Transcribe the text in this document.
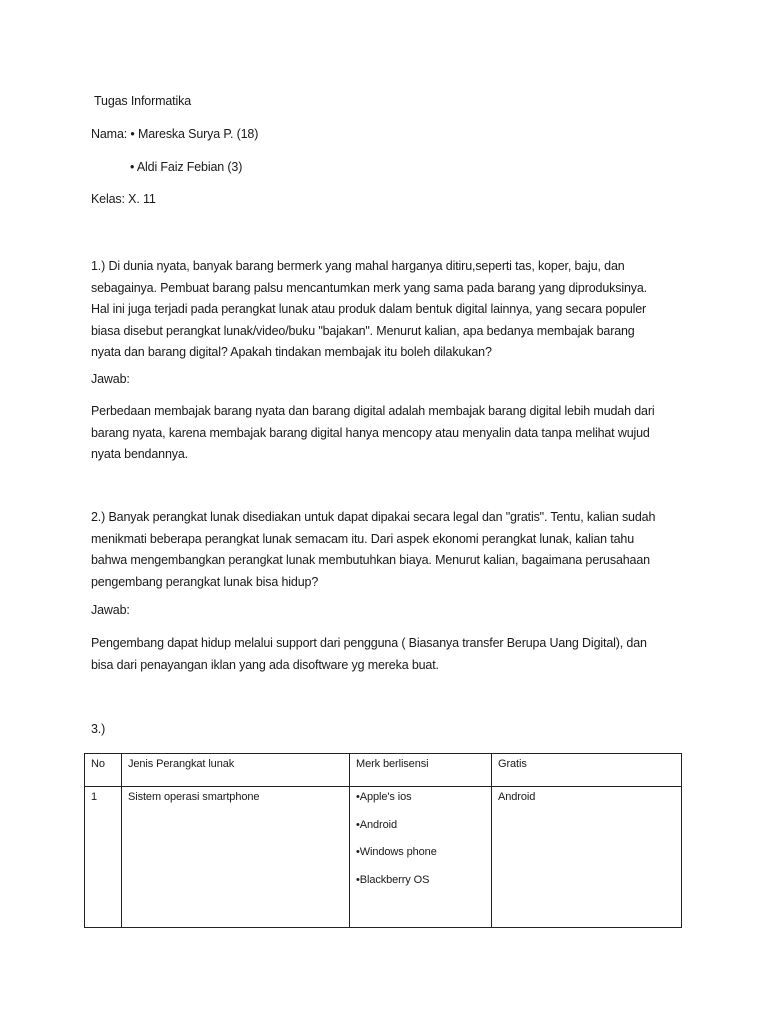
Tugas Informatika
Nama: • Mareska Surya P. (18)
• Aldi Faiz Febian (3)
Kelas: X. 11
1.) Di dunia nyata, banyak barang bermerk yang mahal harganya ditiru,seperti tas, koper, baju, dan
sebagainya. Pembuat barang palsu mencantumkan merk yang sama pada barang yang diproduksinya.
Hal ini juga terjadi pada perangkat lunak atau produk dalam bentuk digital lainnya, yang secara populer
biasa disebut perangkat lunak/video/buku "bajakan". Menurut kalian, apa bedanya membajak barang
nyata dan barang digital? Apakah tindakan membajak itu boleh dilakukan?
Jawab:
Perbedaan membajak barang nyata dan barang digital adalah membajak barang digital lebih mudah dari
barang nyata, karena membajak barang digital hanya mencopy atau menyalin data tanpa melihat wujud
nyata bendannya.
2.) Banyak perangkat lunak disediakan untuk dapat dipakai secara legal dan "gratis". Tentu, kalian sudah
menikmati beberapa perangkat lunak semacam itu. Dari aspek ekonomi perangkat lunak, kalian tahu
bahwa mengembangkan perangkat lunak membutuhkan biaya. Menurut kalian, bagaimana perusahaan
pengembang perangkat lunak bisa hidup?
Jawab:
Pengembang dapat hidup melalui support dari pengguna ( Biasanya transfer Berupa Uang Digital), dan
bisa dari penayangan iklan yang ada disoftware yg mereka buat.
3.)
No	Jenis Perangkat lunak	Merk berlisensi	Gratis
1	Sistem operasi smartphone	•Apple's ios
•Android
•Windows phone
•Blackberry OS	Android
